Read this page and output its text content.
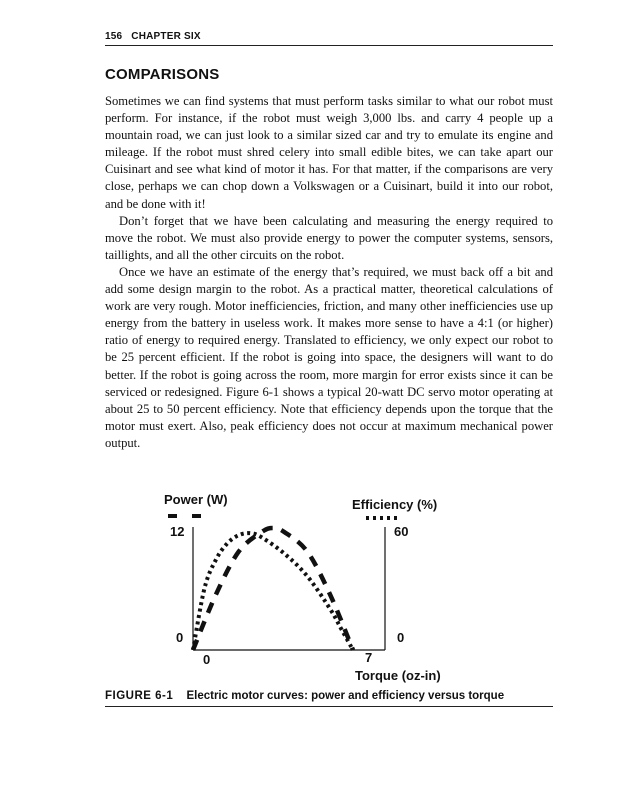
156 CHAPTER SIX
COMPARISONS

Sometimes we can find systems that must perform tasks similar to what our robot must perform. For instance, if the robot must weigh 3,000 lbs. and carry 4 people up a mountain road, we can just look to a similar sized car and try to emulate its engine and mileage. If the robot must shred celery into small edible bites, we can take apart our Cuisinart and see what kind of motor it has. For that matter, if the comparisons are very close, perhaps we can chop down a Volkswagen or a Cuisinart, build it into our robot, and be done with it!

Don’t forget that we have been calculating and measuring the energy required to move the robot. We must also provide energy to power the computer systems, sensors, taillights, and all the other circuits on the robot.

Once we have an estimate of the energy that’s required, we must back off a bit and add some design margin to the robot. As a practical matter, theoretical calculations of work are very rough. Motor inefficiencies, friction, and many other inefficiencies use up energy from the battery in useless work. It makes more sense to have a 4:1 (or higher) ratio of energy to required energy. Translated to efficiency, we only expect our robot to be 25 percent efficient. If the robot is going into space, the designers will want to do better. If the robot is going across the room, more margin for error exists since it can be serviced or redesigned. Figure 6-1 shows a typical 20-watt DC servo motor operating at about 25 to 50 percent efficiency. Note that efficiency depends upon the torque that the motor must exert. Also, peak efficiency does not occur at maximum mechanical power output.

Power (W)	Efficiency (%)
12
0
60
0
0	7
Torque (oz-in)
FIGURE 6-1 Electric motor curves: power and efficiency versus torque
